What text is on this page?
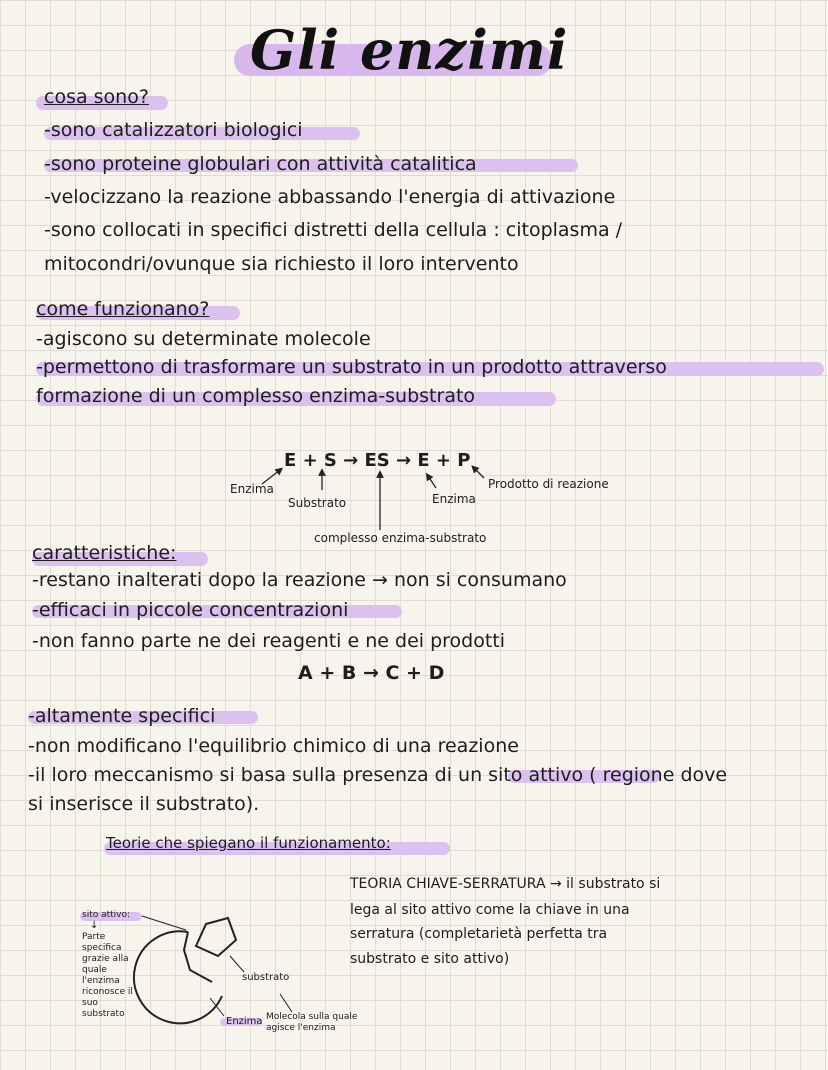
Gli enzimi
cosa sono?
-sono catalizzatori biologici
-sono proteine globulari con attività catalitica
-velocizzano la reazione abbassando l'energia di attivazione
-sono collocati in specifici distretti della cellula : citoplasma /
mitocondri/ovunque sia richiesto il loro intervento
come funzionano?
-agiscono su determinate molecole
-permettono di trasformare un substrato in un prodotto attraverso
formazione di un complesso enzima-substrato
E + S → ES → E + P
Enzima
Substrato	Enzima
Prodotto di reazione
complesso enzima-substrato
caratteristiche:
-restano inalterati dopo la reazione → non si consumano
-efficaci in piccole concentrazioni
-non fanno parte ne dei reagenti e ne dei prodotti
A + B → C + D
-altamente specifici
-non modificano l'equilibrio chimico di una reazione
-il loro meccanismo si basa sulla presenza di un sito attivo ( regione dove
si inserisce il substrato).
Teorie che spiegano il funzionamento:
TEORIA CHIAVE-SERRATURA → il substrato si
lega al sito attivo come la chiave in una
serratura (completarietà perfetta tra
substrato e sito attivo)
sito attivo:
↓
Parte specifica grazie alla quale l'enzima riconosce il suo substrato
substrato
Enzima Molecola sulla quale agisce l'enzima
